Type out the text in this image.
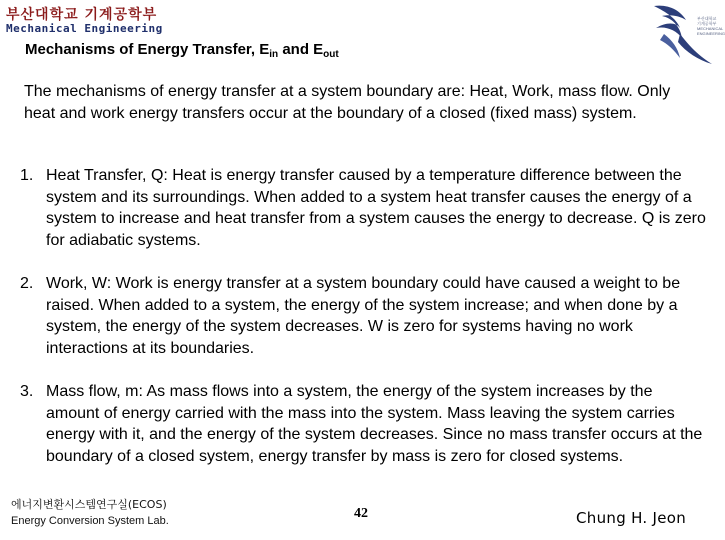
부산대학교 기계공학부
Mechanical Engineering
부산대학교 기계공학부 MECHANICAL ENGINEERING
Mechanisms of Energy Transfer, $E_{in}$ and $E_{out}$
The mechanisms of energy transfer at a system boundary are: Heat, Work, mass flow. Only heat and work energy transfers occur at the boundary of a closed (fixed mass) system.
1. Heat Transfer, Q: Heat is energy transfer caused by a temperature difference between the system and its surroundings. When added to a system heat transfer causes the energy of a system to increase and heat transfer from a system causes the energy to decrease. Q is zero for adiabatic systems.
2. Work, W: Work is energy transfer at a system boundary could have caused a weight to be raised. When added to a system, the energy of the system increase; and when done by a system, the energy of the system decreases. W is zero for systems having no work interactions at its boundaries.
3. Mass flow, m: As mass flows into a system, the energy of the system increases by the amount of energy carried with the mass into the system. Mass leaving the system carries energy with it, and the energy of the system decreases. Since no mass transfer occurs at the boundary of a closed system, energy transfer by mass is zero for closed systems.
에너지변환시스템연구실(ECOS)
Energy Conversion System Lab.	42	Chung H. Jeon
